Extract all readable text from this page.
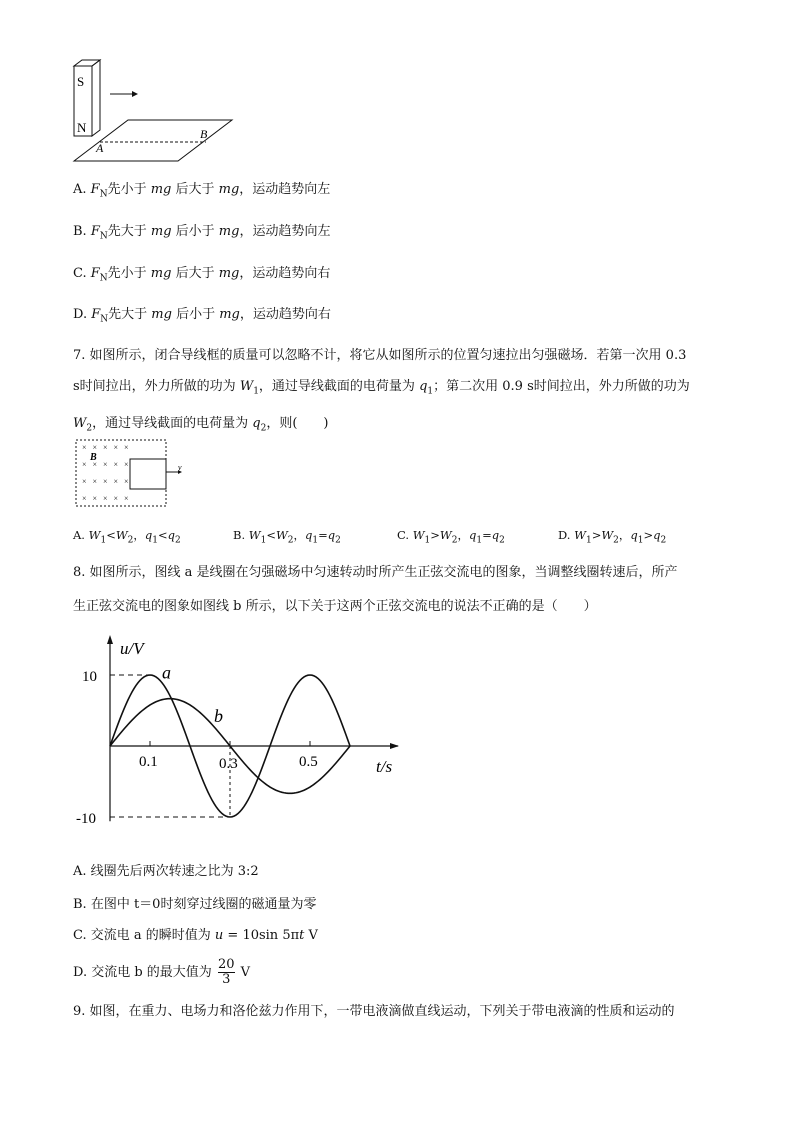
S
N
A
B
A. $F_N$先小于 mg 后大于 mg，运动趋势向左
B. $F_N$先大于 mg 后小于 mg，运动趋势向左
C. $F_N$先小于 mg 后大于 mg，运动趋势向右
D. $F_N$先大于 mg 后小于 mg，运动趋势向右

7. 如图所示，闭合导线框的质量可以忽略不计，将它从如图所示的位置匀速拉出匀强磁场．若第一次用 0.3

s时间拉出，外力所做的功为 $W_1$，通过导线截面的电荷量为 $q_1$；第二次用 0.9 s时间拉出，外力所做的功为

$W_2$，通过导线截面的电荷量为 $q_2$，则(　　)

×   ×   ×   ×   ×
×   ×   ×   ×   ×
×   ×   ×   ×   ×
×   ×   ×   ×   ×
B
v
A. $W_1<W_2$，$q_1<q_2$	B. $W_1<W_2$，$q_1=q_2$	C. $W_1>W_2$，$q_1=q_2$	D. $W_1>W_2$，$q_1>q_2$

8. 如图所示，图线 a 是线圈在匀强磁场中匀速转动时所产生正弦交流电的图象，当调整线圈转速后，所产

生正弦交流电的图象如图线 b 所示，以下关于这两个正弦交流电的说法不正确的是（　　）

u/V
t/s
10
-10
0.1	0.3	0.5
a
b
A. 线圈先后两次转速之比为 3:2
B. 在图中 t＝0时刻穿过线圈的磁通量为零
C. 交流电 a 的瞬时值为 u = 10sin 5πt V
D. 交流电 b 的最大值为 $\frac{20}{3}$ V
9. 如图，在重力、电场力和洛伦兹力作用下，一带电液滴做直线运动，下列关于带电液滴的性质和运动的
